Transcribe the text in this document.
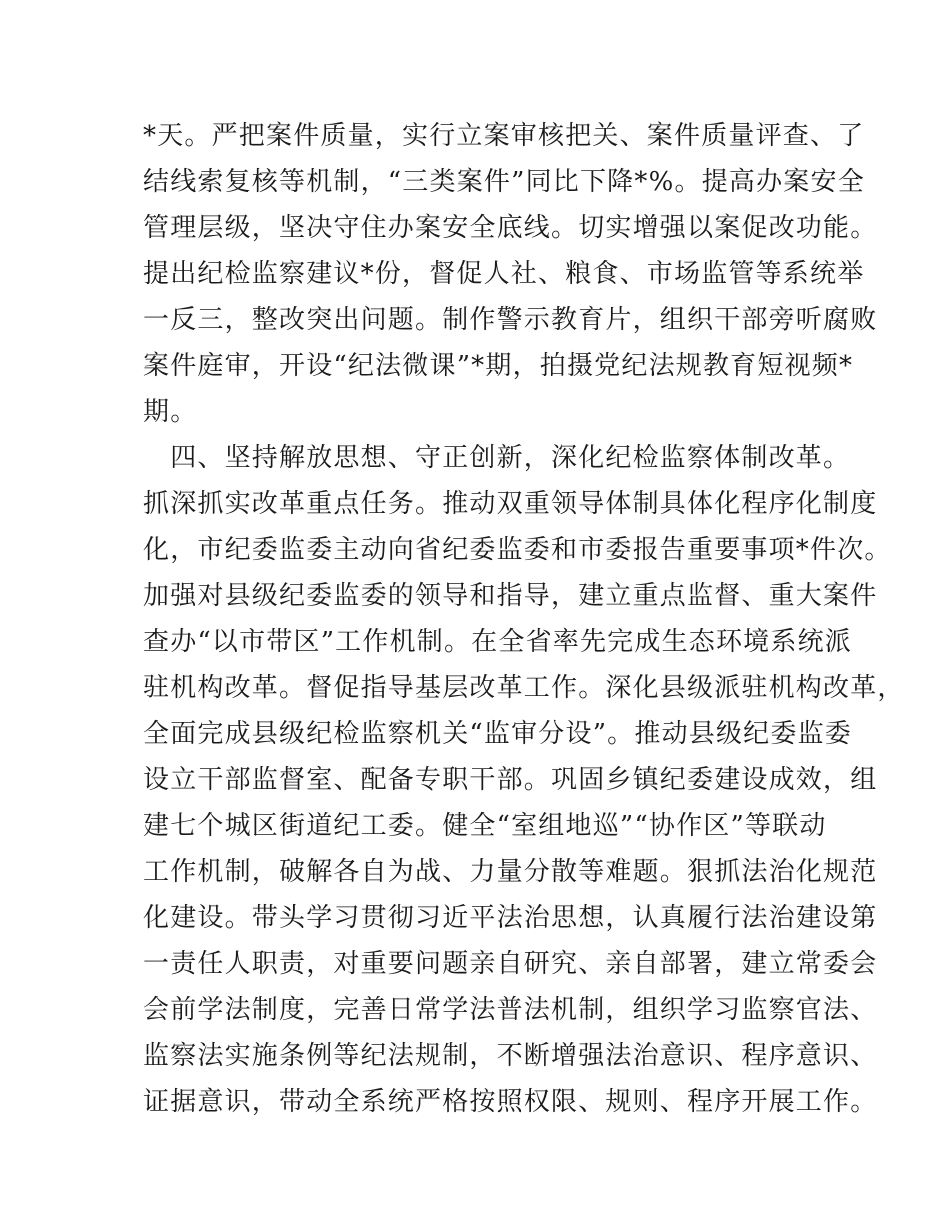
*天。严把案件质量，实行立案审核把关、案件质量评查、了
结线索复核等机制，“三类案件”同比下降*%。提高办案安全
管理层级，坚决守住办案安全底线。切实增强以案促改功能。
提出纪检监察建议*份，督促人社、粮食、市场监管等系统举
一反三，整改突出问题。制作警示教育片，组织干部旁听腐败
案件庭审，开设“纪法微课”*期，拍摄党纪法规教育短视频*
期。
　四、坚持解放思想、守正创新，深化纪检监察体制改革。
抓深抓实改革重点任务。推动双重领导体制具体化程序化制度
化，市纪委监委主动向省纪委监委和市委报告重要事项*件次。
加强对县级纪委监委的领导和指导，建立重点监督、重大案件
查办“以市带区”工作机制。在全省率先完成生态环境系统派
驻机构改革。督促指导基层改革工作。深化县级派驻机构改革，
全面完成县级纪检监察机关“监审分设”。推动县级纪委监委
设立干部监督室、配备专职干部。巩固乡镇纪委建设成效，组
建七个城区街道纪工委。健全“室组地巡”“协作区”等联动
工作机制，破解各自为战、力量分散等难题。狠抓法治化规范
化建设。带头学习贯彻习近平法治思想，认真履行法治建设第
一责任人职责，对重要问题亲自研究、亲自部署，建立常委会
会前学法制度，完善日常学法普法机制，组织学习监察官法、
监察法实施条例等纪法规制，不断增强法治意识、程序意识、
证据意识，带动全系统严格按照权限、规则、程序开展工作。
